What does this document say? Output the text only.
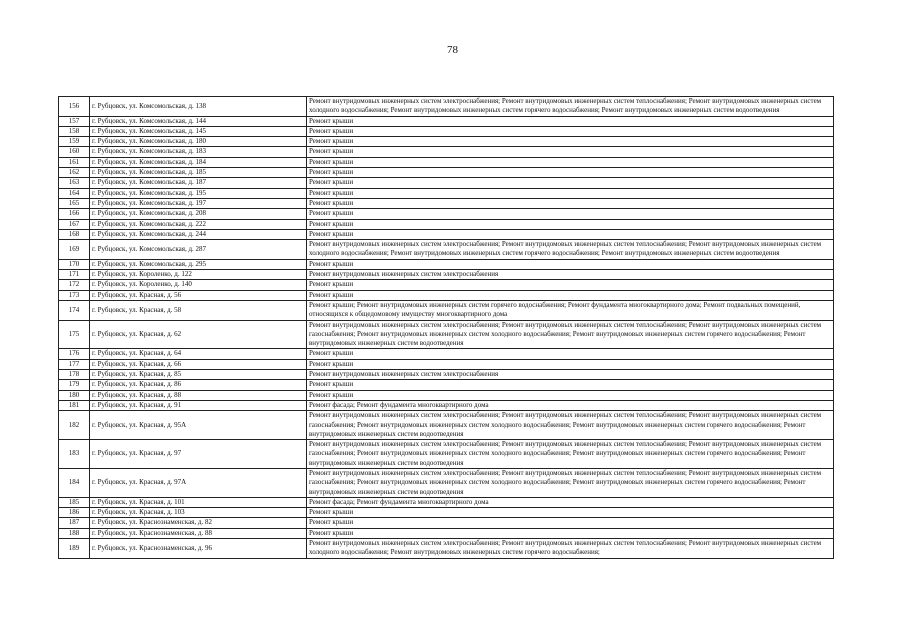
78
156	г. Рубцовск, ул. Комсомольская, д. 138	Ремонт внутридомовых инженерных систем электроснабжения; Ремонт внутридомовых инженерных систем теплоснабжения; Ремонт внутридомовых инженерных систем холодного водоснабжения; Ремонт внутридомовых инженерных систем горячего водоснабжения; Ремонт внутридомовых инженерных систем водоотведения
157	г. Рубцовск, ул. Комсомольская, д. 144	Ремонт крыши
158	г. Рубцовск, ул. Комсомольская, д. 145	Ремонт крыши
159	г. Рубцовск, ул. Комсомольская, д. 180	Ремонт крыши
160	г. Рубцовск, ул. Комсомольская, д. 183	Ремонт крыши
161	г. Рубцовск, ул. Комсомольская, д. 184	Ремонт крыши
162	г. Рубцовск, ул. Комсомольская, д. 185	Ремонт крыши
163	г. Рубцовск, ул. Комсомольская, д. 187	Ремонт крыши
164	г. Рубцовск, ул. Комсомольская, д. 195	Ремонт крыши
165	г. Рубцовск, ул. Комсомольская, д. 197	Ремонт крыши
166	г. Рубцовск, ул. Комсомольская, д. 208	Ремонт крыши
167	г. Рубцовск, ул. Комсомольская, д. 222	Ремонт крыши
168	г. Рубцовск, ул. Комсомольская, д. 244	Ремонт крыши
169	г. Рубцовск, ул. Комсомольская, д. 287	Ремонт внутридомовых инженерных систем электроснабжения; Ремонт внутридомовых инженерных систем теплоснабжения; Ремонт внутридомовых инженерных систем холодного водоснабжения; Ремонт внутридомовых инженерных систем горячего водоснабжения; Ремонт внутридомовых инженерных систем водоотведения
170	г. Рубцовск, ул. Комсомольская, д. 295	Ремонт крыши
171	г. Рубцовск, ул. Короленко, д. 122	Ремонт внутридомовых инженерных систем электроснабжения
172	г. Рубцовск, ул. Короленко, д. 140	Ремонт крыши
173	г. Рубцовск, ул. Красная, д. 56	Ремонт крыши
174	г. Рубцовск, ул. Красная, д. 58	Ремонт крыши; Ремонт внутридомовых инженерных систем горячего водоснабжения; Ремонт фундамента многоквартирного дома; Ремонт подвальных помещений, относящихся к общедомовому имуществу многоквартирного дома
175	г. Рубцовск, ул. Красная, д. 62	Ремонт внутридомовых инженерных систем электроснабжения; Ремонт внутридомовых инженерных систем теплоснабжения; Ремонт внутридомовых инженерных систем газоснабжения; Ремонт внутридомовых инженерных систем холодного водоснабжения; Ремонт внутридомовых инженерных систем горячего водоснабжения; Ремонт внутридомовых инженерных систем водоотведения
176	г. Рубцовск, ул. Красная, д. 64	Ремонт крыши
177	г. Рубцовск, ул. Красная, д. 66	Ремонт крыши
178	г. Рубцовск, ул. Красная, д. 85	Ремонт внутридомовых инженерных систем электроснабжения
179	г. Рубцовск, ул. Красная, д. 86	Ремонт крыши
180	г. Рубцовск, ул. Красная, д. 88	Ремонт крыши
181	г. Рубцовск, ул. Красная, д. 91	Ремонт фасада; Ремонт фундамента многоквартирного дома
182	г. Рубцовск, ул. Красная, д. 95А	Ремонт внутридомовых инженерных систем электроснабжения; Ремонт внутридомовых инженерных систем теплоснабжения; Ремонт внутридомовых инженерных систем газоснабжения; Ремонт внутридомовых инженерных систем холодного водоснабжения; Ремонт внутридомовых инженерных систем горячего водоснабжения; Ремонт внутридомовых инженерных систем водоотведения
183	г. Рубцовск, ул. Красная, д. 97	Ремонт внутридомовых инженерных систем электроснабжения; Ремонт внутридомовых инженерных систем теплоснабжения; Ремонт внутридомовых инженерных систем газоснабжения; Ремонт внутридомовых инженерных систем холодного водоснабжения; Ремонт внутридомовых инженерных систем горячего водоснабжения; Ремонт внутридомовых инженерных систем водоотведения
184	г. Рубцовск, ул. Красная, д. 97А	Ремонт внутридомовых инженерных систем электроснабжения; Ремонт внутридомовых инженерных систем теплоснабжения; Ремонт внутридомовых инженерных систем газоснабжения; Ремонт внутридомовых инженерных систем холодного водоснабжения; Ремонт внутридомовых инженерных систем горячего водоснабжения; Ремонт внутридомовых инженерных систем водоотведения
185	г. Рубцовск, ул. Красная, д. 101	Ремонт фасада; Ремонт фундамента многоквартирного дома
186	г. Рубцовск, ул. Красная, д. 103	Ремонт крыши
187	г. Рубцовск, ул. Краснознаменская, д. 82	Ремонт крыши
188	г. Рубцовск, ул. Краснознаменская, д. 88	Ремонт крыши
189	г. Рубцовск, ул. Краснознаменская, д. 96	Ремонт внутридомовых инженерных систем электроснабжения; Ремонт внутридомовых инженерных систем теплоснабжения; Ремонт внутридомовых инженерных систем холодного водоснабжения; Ремонт внутридомовых инженерных систем горячего водоснабжения;
